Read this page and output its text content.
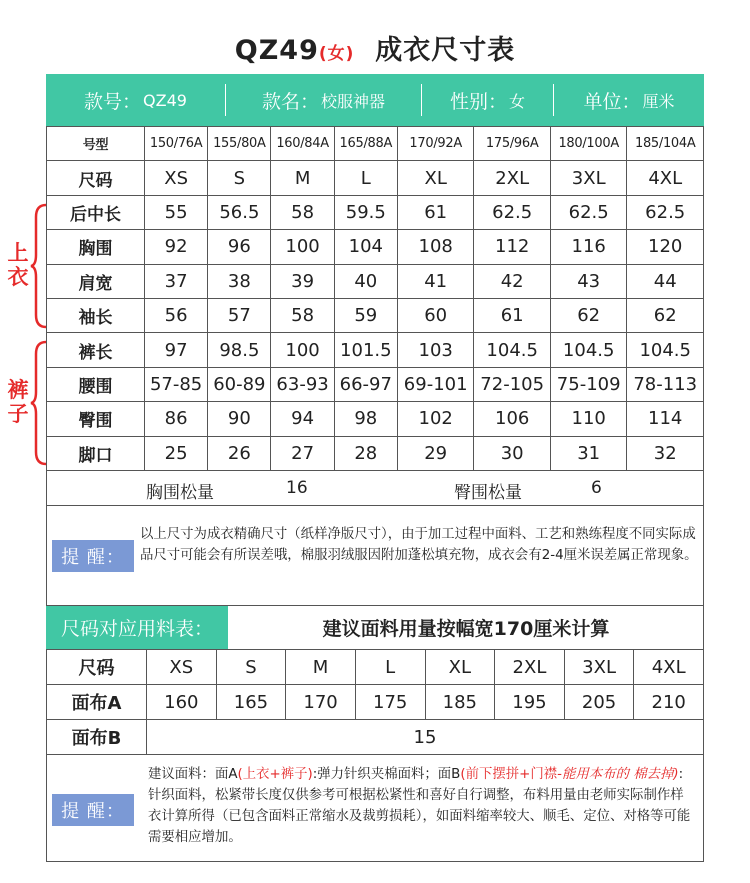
QZ49(女) 成衣尺寸表
款号： QZ49	款名： 校服神器	性别： 女	单位： 厘米
号型	150/76A	155/80A	160/84A	165/88A	170/92A	175/96A	180/100A	185/104A
尺码	XS	S	M	L	XL	2XL	3XL	4XL
后中长	55	56.5	58	59.5	61	62.5	62.5	62.5
胸围	92	96	100	104	108	112	116	120
肩宽	37	38	39	40	41	42	43	44
袖长	56	57	58	59	60	61	62	62
裤长	97	98.5	100	101.5	103	104.5	104.5	104.5
腰围	57-85	60-89	63-93	66-97	69-101	72-105	75-109	78-113
臀围	86	90	94	98	102	106	110	114
脚口	25	26	27	28	29	30	31	32
上衣
裤子
胸围松量	16	臀围松量	6
提 醒：
以上尺寸为成衣精确尺寸（纸样净版尺寸），由于加工过程中面料、工艺和熟练程度不同实际成品尺寸可能会有所误差哦，棉服羽绒服因附加蓬松填充物，成衣会有2-4厘米误差属正常现象。
尺码对应用料表：	建议面料用量按幅宽170厘米计算
尺码	XS	S	M	L	XL	2XL	3XL	4XL
面布A	160	165	170	175	185	195	205	210
面布B	15							
提 醒：
建议面料：面A(上衣+裤子):弹力针织夹棉面料；面B(前下摆拼+门襟-能用本布的 棉去掉):针织面料，松紧带长度仅供参考可根据松紧性和喜好自行调整，布料用量由老师实际制作样衣计算所得（已包含面料正常缩水及裁剪损耗），如面料缩率较大、顺毛、定位、对格等可能需要相应增加。
